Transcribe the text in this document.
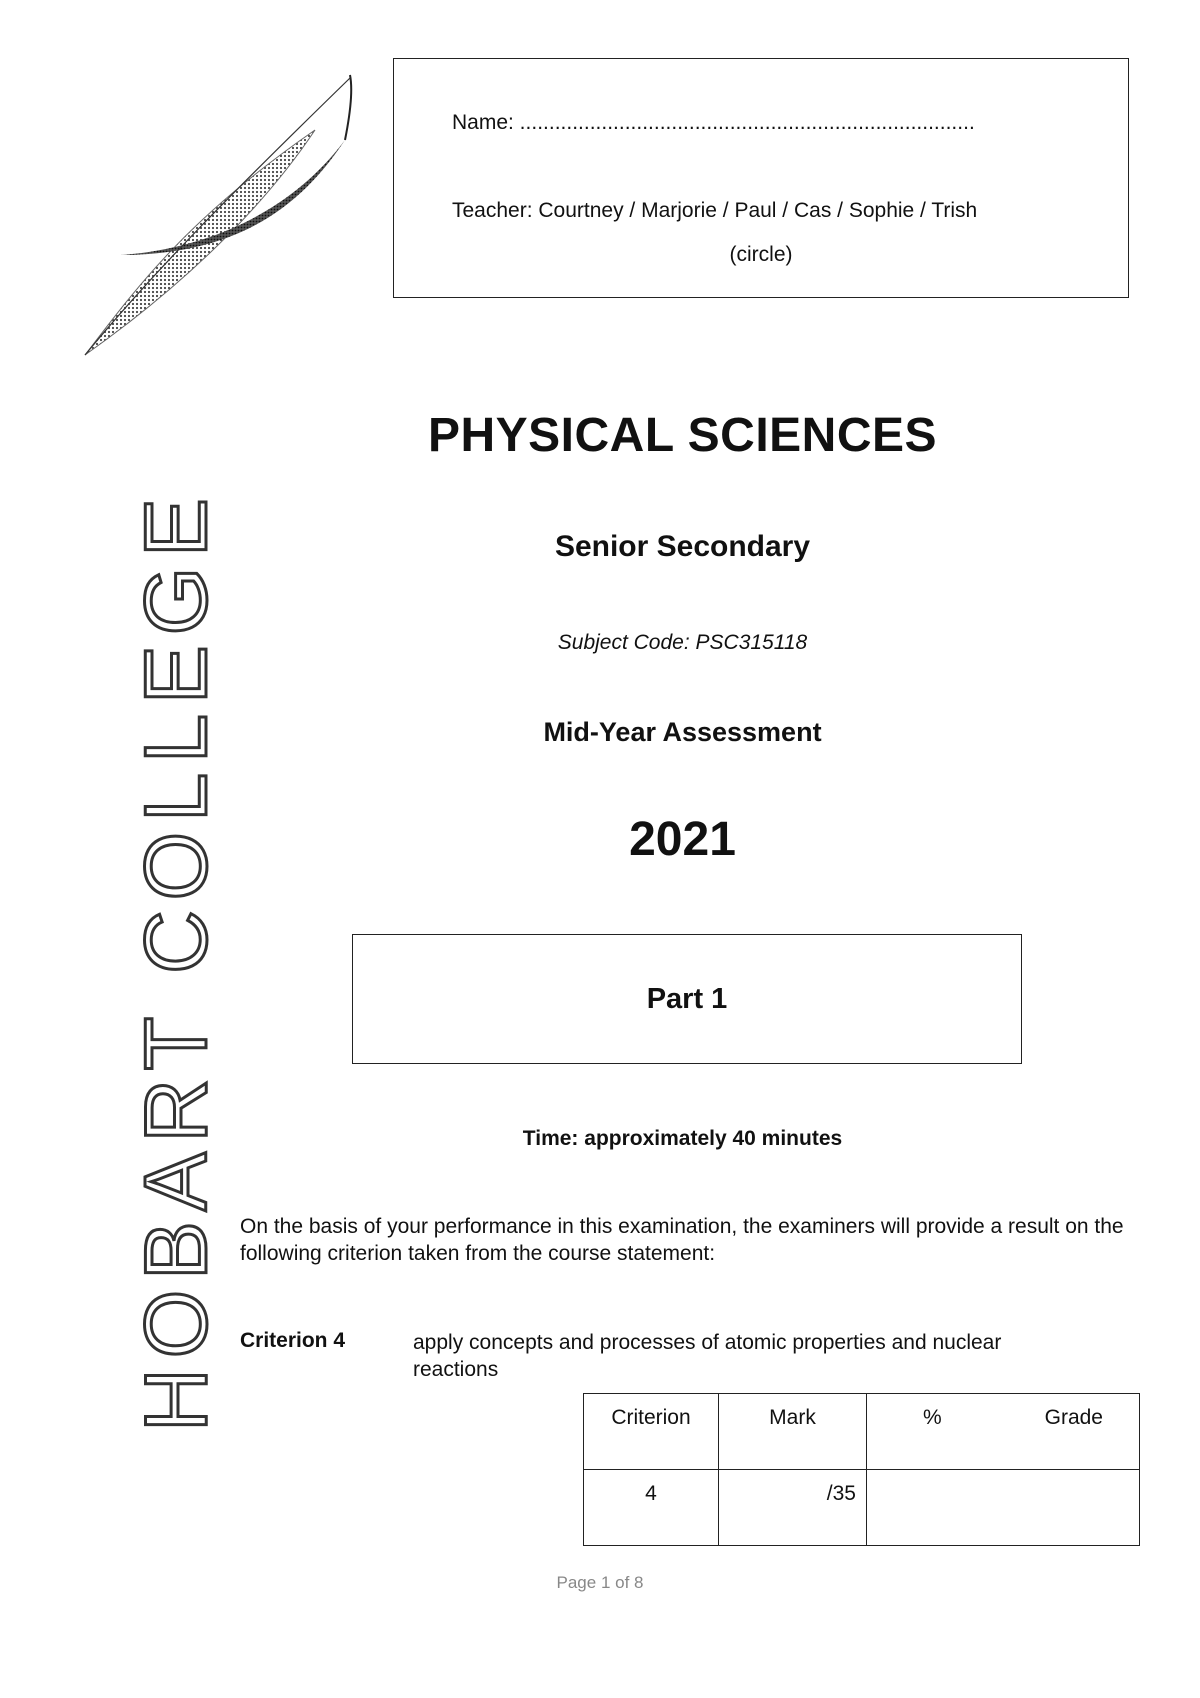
Name: ..............................................................................
Teacher: Courtney / Marjorie / Paul / Cas / Sophie / Trish
(circle)
HOBART COLLEGE
PHYSICAL SCIENCES
Senior Secondary
Subject Code: PSC315118
Mid-Year Assessment
2021
Part 1
Time: approximately 40 minutes
On the basis of your performance in this examination, the examiners will provide a result on the following criterion taken from the course statement:
Criterion 4	apply concepts and processes of atomic properties and nuclear reactions
Criterion	Mark	% Grade

4	/35	
Page 1 of 8
